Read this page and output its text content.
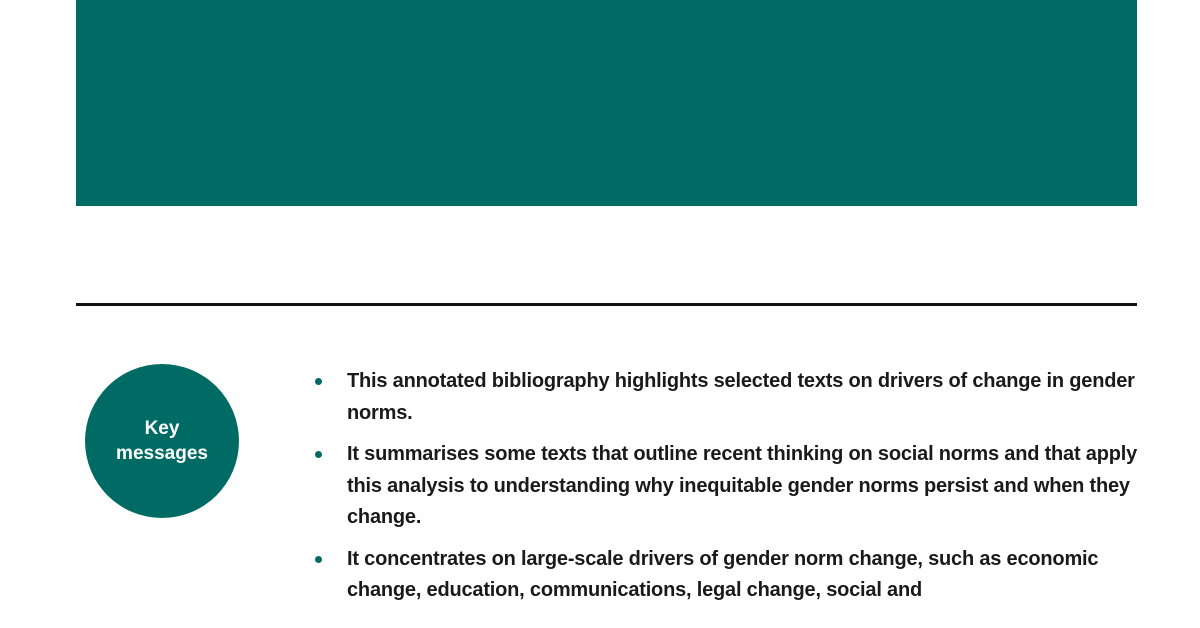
Key messages
This annotated bibliography highlights selected texts on drivers of change in gender norms.
It summarises some texts that outline recent thinking on social norms and that apply this analysis to understanding why inequitable gender norms persist and when they change.
It concentrates on large-scale drivers of gender norm change, such as economic change, education, communications, legal change, social and
